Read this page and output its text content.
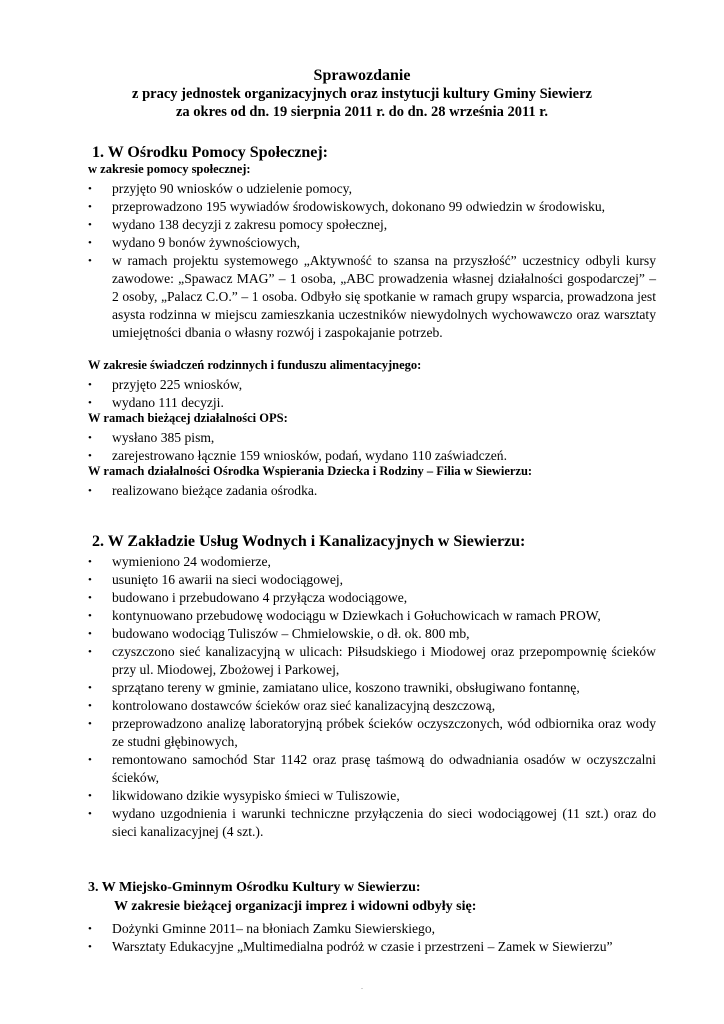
Sprawozdanie
z pracy jednostek organizacyjnych oraz instytucji kultury Gminy Siewierz
za okres od dn. 19 sierpnia 2011 r. do dn. 28 września 2011 r.
1. W Ośrodku Pomocy Społecznej:
w zakresie pomocy społecznej:
• przyjęto 90 wniosków o udzielenie pomocy,
• przeprowadzono 195 wywiadów środowiskowych, dokonano 99 odwiedzin w środowisku,
• wydano 138 decyzji z zakresu pomocy społecznej,
• wydano 9 bonów żywnościowych,
• w ramach projektu systemowego „Aktywność to szansa na przyszłość” uczestnicy odbyli kursy zawodowe: „Spawacz MAG” – 1 osoba, „ABC prowadzenia własnej działalności gospodarczej” – 2 osoby, „Palacz C.O.” – 1 osoba. Odbyło się spotkanie w ramach grupy wsparcia, prowadzona jest asysta rodzinna w miejscu zamieszkania uczestników niewydolnych wychowawczo oraz warsztaty umiejętności dbania o własny rozwój i zaspokajanie potrzeb.
W zakresie świadczeń rodzinnych i funduszu alimentacyjnego:
• przyjęto 225 wniosków,
• wydano 111 decyzji.
W ramach bieżącej działalności OPS:
• wysłano 385 pism,
• zarejestrowano łącznie 159 wniosków, podań, wydano 110 zaświadczeń.
W ramach działalności Ośrodka Wspierania Dziecka i Rodziny – Filia w Siewierzu:
• realizowano bieżące zadania ośrodka.
2. W Zakładzie Usług Wodnych i Kanalizacyjnych w Siewierzu:
• wymieniono 24 wodomierze,
• usunięto 16 awarii na sieci wodociągowej,
• budowano i przebudowano 4 przyłącza wodociągowe,
• kontynuowano przebudowę wodociągu w Dziewkach i Gołuchowicach w ramach PROW,
• budowano wodociąg Tuliszów – Chmielowskie, o dł. ok. 800 mb,
• czyszczono sieć kanalizacyjną w ulicach: Piłsudskiego i Miodowej oraz przepompownię ścieków przy ul. Miodowej, Zbożowej i Parkowej,
• sprzątano tereny w gminie, zamiatano ulice, koszono trawniki, obsługiwano fontannę,
• kontrolowano dostawców ścieków oraz sieć kanalizacyjną deszczową,
• przeprowadzono analizę laboratoryjną próbek ścieków oczyszczonych, wód odbiornika oraz wody ze studni głębinowych,
• remontowano samochód Star 1142 oraz prasę taśmową do odwadniania osadów w oczyszczalni ścieków,
• likwidowano dzikie wysypisko śmieci w Tuliszowie,
• wydano uzgodnienia i warunki techniczne przyłączenia do sieci wodociągowej (11 szt.) oraz do sieci kanalizacyjnej (4 szt.).
3. W Miejsko-Gminnym Ośrodku Kultury w Siewierzu:
W zakresie bieżącej organizacji imprez i widowni odbyły się:
• Dożynki Gminne 2011– na błoniach Zamku Siewierskiego,
• Warsztaty Edukacyjne „Multimedialna podróż w czasie i przestrzeni – Zamek w Siewierzu”
.
